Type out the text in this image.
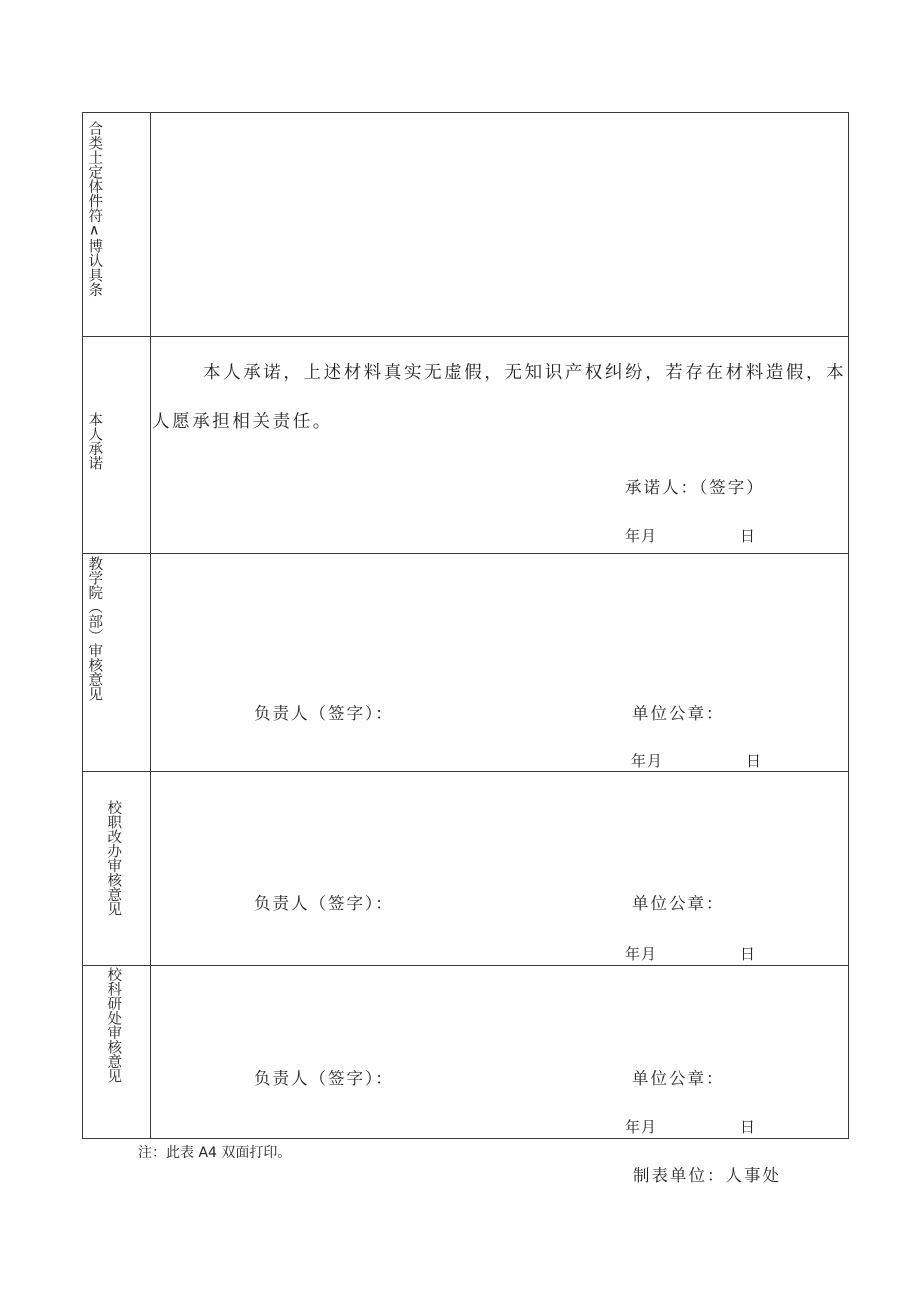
合类土定体件符∧博认具条
本人承诺
本人承诺，上述材料真实无虚假，无知识产权纠纷，若存在材料造假，本
人愿承担相关责任。
承诺人：（签字）
年月	日
教学院（部）审核意见
负责人（签字）：	单位公章：
年月	日
校职改办审核意见	负责人（签字）：	单位公章：
年月	日
校科研处审核意见	负责人（签字）：	单位公章：
年月	日
注：此表 A4 双面打印。
制表单位：人事处
